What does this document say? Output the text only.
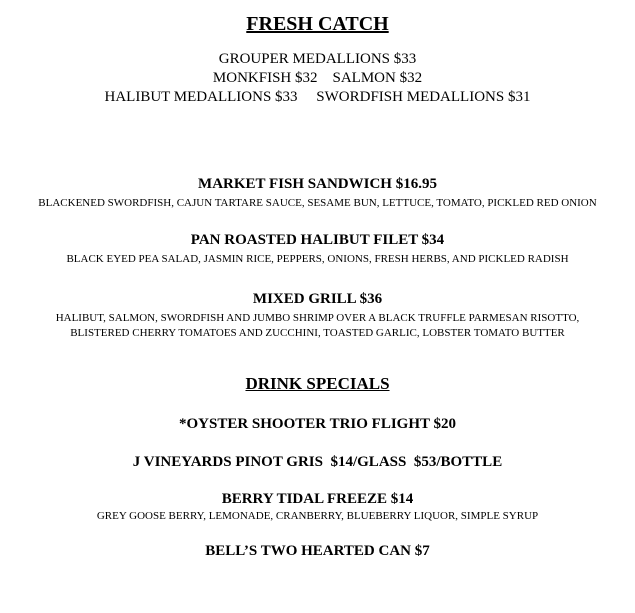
FRESH CATCH
GROUPER MEDALLIONS $33
MONKFISH $32    SALMON $32
HALIBUT MEDALLIONS $33     SWORDFISH MEDALLIONS $31
MARKET FISH SANDWICH $16.95
BLACKENED SWORDFISH, CAJUN TARTARE SAUCE, SESAME BUN, LETTUCE, TOMATO, PICKLED RED ONION
PAN ROASTED HALIBUT FILET $34
BLACK EYED PEA SALAD, JASMIN RICE, PEPPERS, ONIONS, FRESH HERBS, AND PICKLED RADISH
MIXED GRILL $36
HALIBUT, SALMON, SWORDFISH AND JUMBO SHRIMP OVER A BLACK TRUFFLE PARMESAN RISOTTO,
BLISTERED CHERRY TOMATOES AND ZUCCHINI, TOASTED GARLIC, LOBSTER TOMATO BUTTER
DRINK SPECIALS
*OYSTER SHOOTER TRIO FLIGHT $20
J VINEYARDS PINOT GRIS  $14/GLASS  $53/BOTTLE
BERRY TIDAL FREEZE $14
GREY GOOSE BERRY, LEMONADE, CRANBERRY, BLUEBERRY LIQUOR, SIMPLE SYRUP
BELL’S TWO HEARTED CAN $7
